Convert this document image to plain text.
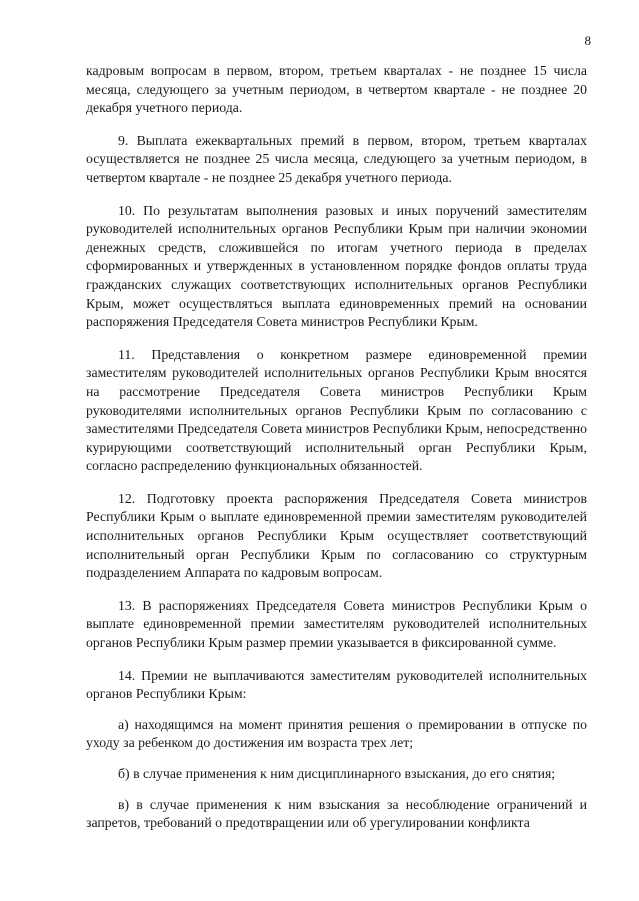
8

кадровым вопросам в первом, втором, третьем кварталах - не позднее 15 числа месяца, следующего за учетным периодом, в четвертом квартале - не позднее 20 декабря учетного периода.

9. Выплата ежеквартальных премий в первом, втором, третьем кварталах осуществляется не позднее 25 числа месяца, следующего за учетным периодом, в четвертом квартале - не позднее 25 декабря учетного периода.

10. По результатам выполнения разовых и иных поручений заместителям руководителей исполнительных органов Республики Крым при наличии экономии денежных средств, сложившейся по итогам учетного периода в пределах сформированных и утвержденных в установленном порядке фондов оплаты труда гражданских служащих соответствующих исполнительных органов Республики Крым, может осуществляться выплата единовременных премий на основании распоряжения Председателя Совета министров Республики Крым.

11. Представления о конкретном размере единовременной премии заместителям руководителей исполнительных органов Республики Крым вносятся на рассмотрение Председателя Совета министров Республики Крым руководителями исполнительных органов Республики Крым по согласованию с заместителями Председателя Совета министров Республики Крым, непосредственно курирующими соответствующий исполнительный орган Республики Крым, согласно распределению функциональных обязанностей.

12. Подготовку проекта распоряжения Председателя Совета министров Республики Крым о выплате единовременной премии заместителям руководителей исполнительных органов Республики Крым осуществляет соответствующий исполнительный орган Республики Крым по согласованию со структурным подразделением Аппарата по кадровым вопросам.

13. В распоряжениях Председателя Совета министров Республики Крым о выплате единовременной премии заместителям руководителей исполнительных органов Республики Крым размер премии указывается в фиксированной сумме.

14. Премии не выплачиваются заместителям руководителей исполнительных органов Республики Крым:

а) находящимся на момент принятия решения о премировании в отпуске по уходу за ребенком до достижения им возраста трех лет;

б) в случае применения к ним дисциплинарного взыскания, до его снятия;

в) в случае применения к ним взыскания за несоблюдение ограничений и запретов, требований о предотвращении или об урегулировании конфликта
